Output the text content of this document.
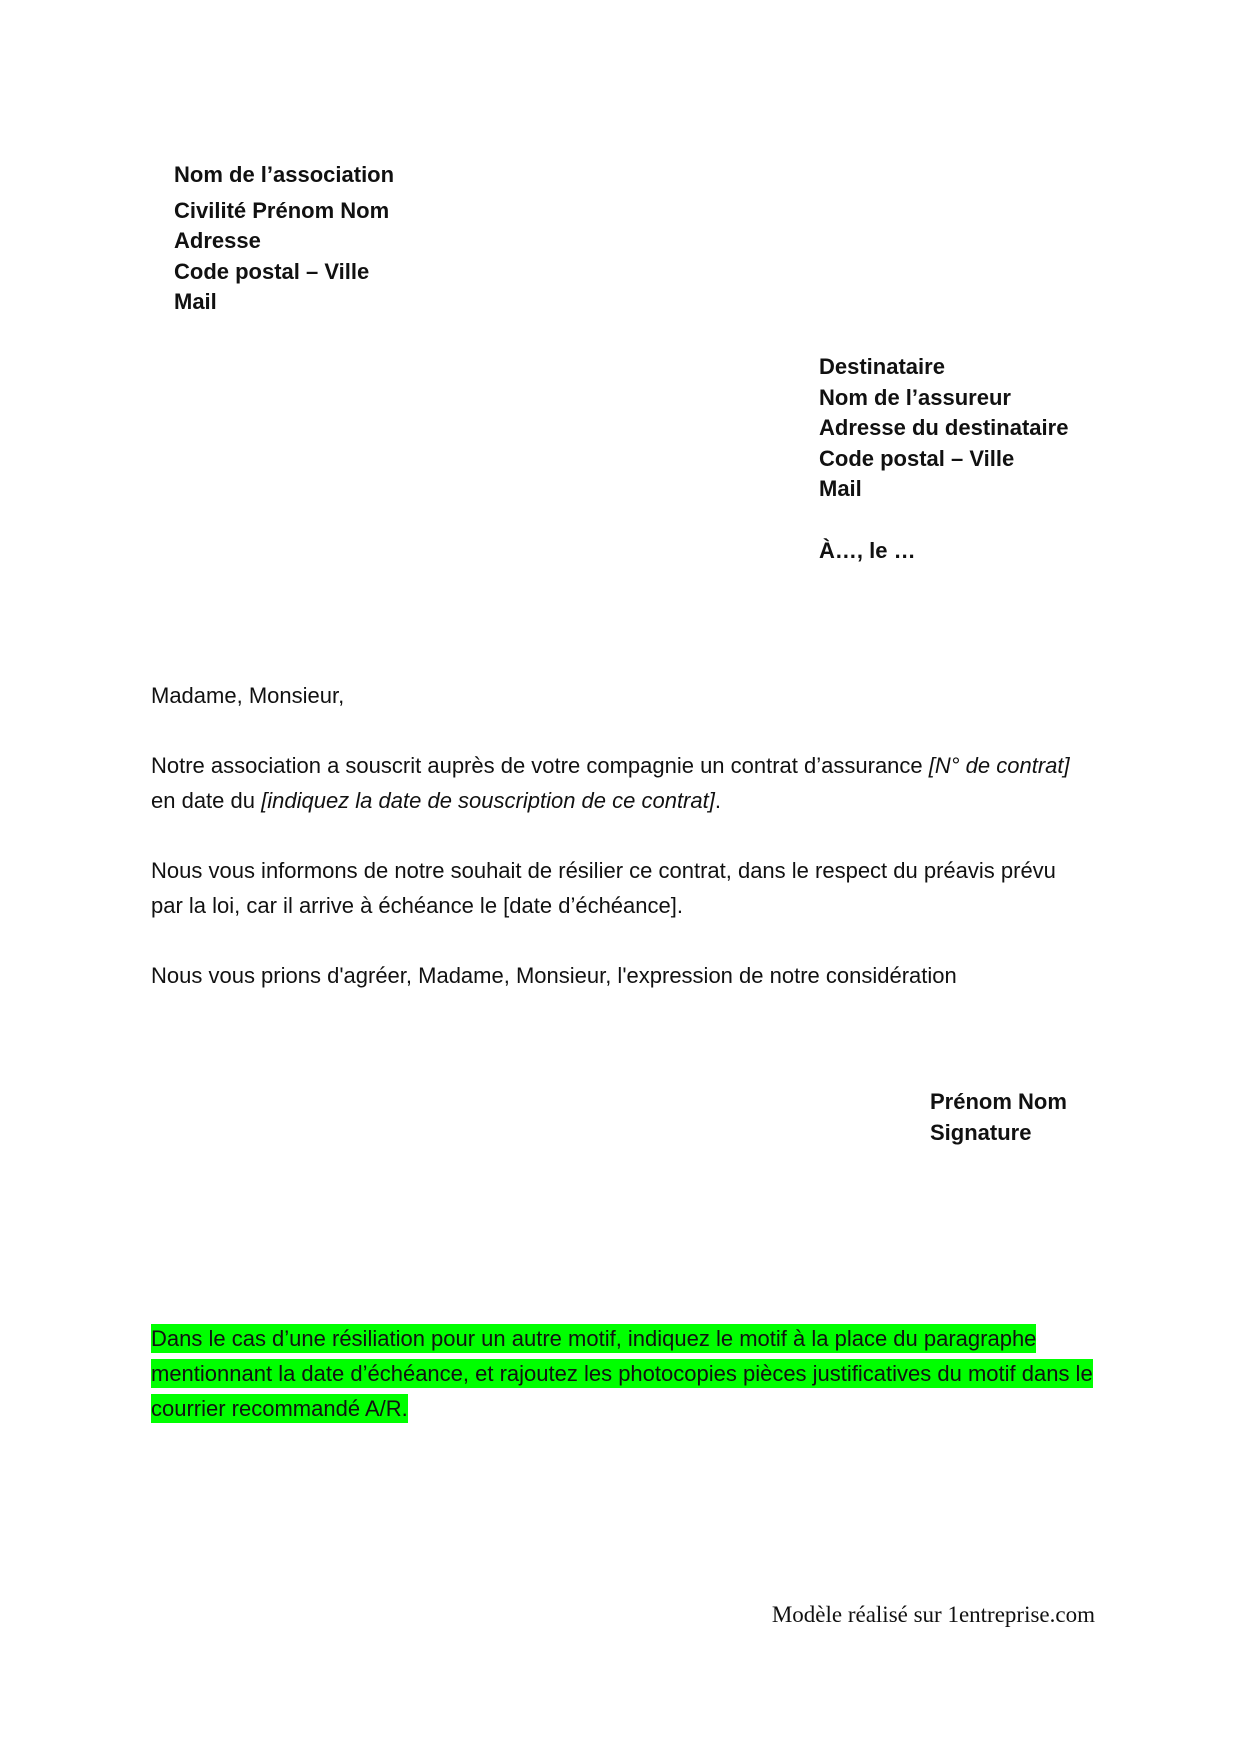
Nom de l’association
Civilité Prénom Nom
Adresse
Code postal – Ville
Mail
Destinataire
Nom de l’assureur
Adresse du destinataire
Code postal – Ville
Mail
À…, le …
Madame, Monsieur,
Notre association a souscrit auprès de votre compagnie un contrat d’assurance [N° de contrat] en date du [indiquez la date de souscription de ce contrat].
Nous vous informons de notre souhait de résilier ce contrat, dans le respect du préavis prévu par la loi, car il arrive à échéance le [date d’échéance].
Nous vous prions d'agréer, Madame, Monsieur, l'expression de notre considération
Prénom Nom
Signature
Dans le cas d’une résiliation pour un autre motif, indiquez le motif à la place du paragraphe mentionnant la date d’échéance, et rajoutez les photocopies pièces justificatives du motif dans le courrier recommandé A/R.
Modèle réalisé sur 1entreprise.com
